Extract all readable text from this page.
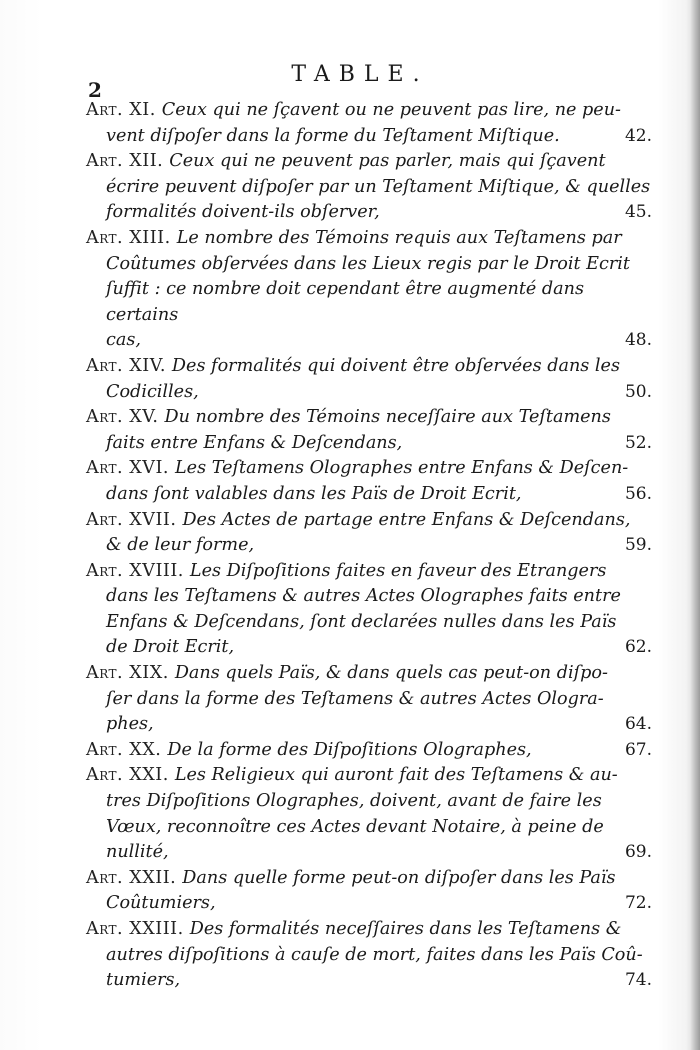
2
TABLE.
Art. XI. Ceux qui ne ſçavent ou ne peuvent pas lire, ne peu-
vent diſpoſer dans la forme du Teſtament Miſtique.	42.
Art. XII. Ceux qui ne peuvent pas parler, mais qui ſçavent
écrire peuvent diſpoſer par un Teſtament Miſtique, & quelles
formalités doivent-ils obſerver,	45.
Art. XIII. Le nombre des Témoins requis aux Teſtamens par
Coûtumes obſervées dans les Lieux regis par le Droit Ecrit
ſuffit : ce nombre doit cependant être augmenté dans certains
cas,	48.
Art. XIV. Des formalités qui doivent être obſervées dans les
Codicilles,	50.
Art. XV. Du nombre des Témoins neceſſaire aux Teſtamens
faits entre Enfans & Deſcendans,	52.
Art. XVI. Les Teſtamens Olographes entre Enfans & Deſcen-
dans ſont valables dans les Païs de Droit Ecrit,	56.
Art. XVII. Des Actes de partage entre Enfans & Deſcendans,
& de leur forme,	59.
Art. XVIII. Les Diſpoſitions faites en faveur des Etrangers
dans les Teſtamens & autres Actes Olographes faits entre
Enfans & Deſcendans, ſont declarées nulles dans les Païs
de Droit Ecrit,	62.
Art. XIX. Dans quels Païs, & dans quels cas peut-on diſpo-
ſer dans la forme des Teſtamens & autres Actes Ologra-
phes,	64.
Art. XX. De la forme des Diſpoſitions Olographes,	67.
Art. XXI. Les Religieux qui auront fait des Teſtamens & au-
tres Diſpoſitions Olographes, doivent, avant de faire les
Vœux, reconnoître ces Actes devant Notaire, à peine de
nullité,	69.
Art. XXII. Dans quelle forme peut-on diſpoſer dans les Païs
Coûtumiers,	72.
Art. XXIII. Des formalités neceſſaires dans les Teſtamens &
autres diſpoſitions à cauſe de mort, faites dans les Païs Coû-
tumiers,	74.
